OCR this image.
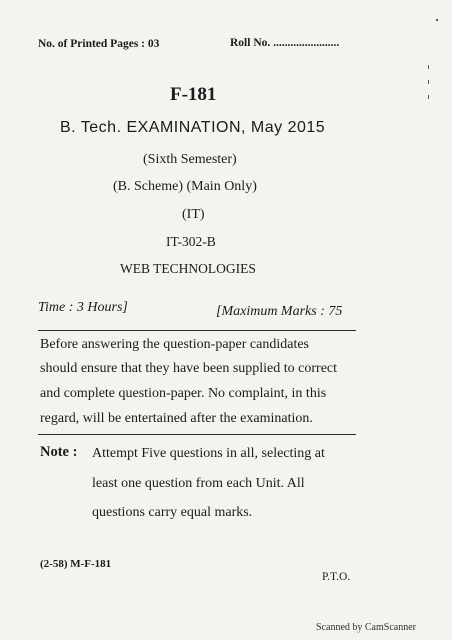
No. of Printed Pages : 03	Roll No. .......................
F-181
B. Tech. EXAMINATION, May 2015
(Sixth Semester)
(B. Scheme) (Main Only)
(IT)
IT-302-B
WEB TECHNOLOGIES
Time : 3 Hours]	[Maximum Marks : 75
Before answering the question-paper candidates
should ensure that they have been supplied to correct
and complete question-paper. No complaint, in this
regard, will be entertained after the examination.
Note : Attempt Five questions in all, selecting at
least one question from each Unit. All
questions carry equal marks.
(2-58) M-F-181
P.T.O.
Scanned by CamScanner
